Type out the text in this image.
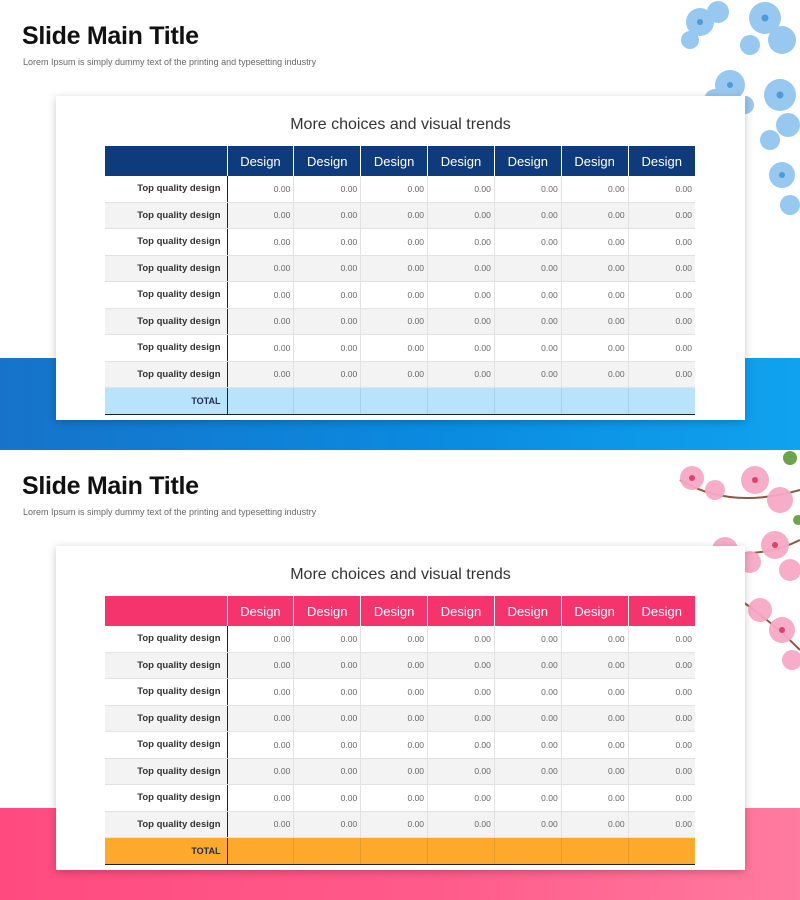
Slide Main Title
Lorem Ipsum is simply dummy text of the printing and typesetting industry
More choices and visual trends
	Design	Design	Design	Design	Design	Design	Design
Top quality design	0.00	0.00	0.00	0.00	0.00	0.00	0.00
Top quality design	0.00	0.00	0.00	0.00	0.00	0.00	0.00
Top quality design	0.00	0.00	0.00	0.00	0.00	0.00	0.00
Top quality design	0.00	0.00	0.00	0.00	0.00	0.00	0.00
Top quality design	0.00	0.00	0.00	0.00	0.00	0.00	0.00
Top quality design	0.00	0.00	0.00	0.00	0.00	0.00	0.00
Top quality design	0.00	0.00	0.00	0.00	0.00	0.00	0.00
Top quality design	0.00	0.00	0.00	0.00	0.00	0.00	0.00
TOTAL							
Slide Main Title
Lorem Ipsum is simply dummy text of the printing and typesetting industry
More choices and visual trends
	Design	Design	Design	Design	Design	Design	Design
Top quality design	0.00	0.00	0.00	0.00	0.00	0.00	0.00
Top quality design	0.00	0.00	0.00	0.00	0.00	0.00	0.00
Top quality design	0.00	0.00	0.00	0.00	0.00	0.00	0.00
Top quality design	0.00	0.00	0.00	0.00	0.00	0.00	0.00
Top quality design	0.00	0.00	0.00	0.00	0.00	0.00	0.00
Top quality design	0.00	0.00	0.00	0.00	0.00	0.00	0.00
Top quality design	0.00	0.00	0.00	0.00	0.00	0.00	0.00
Top quality design	0.00	0.00	0.00	0.00	0.00	0.00	0.00
TOTAL							
